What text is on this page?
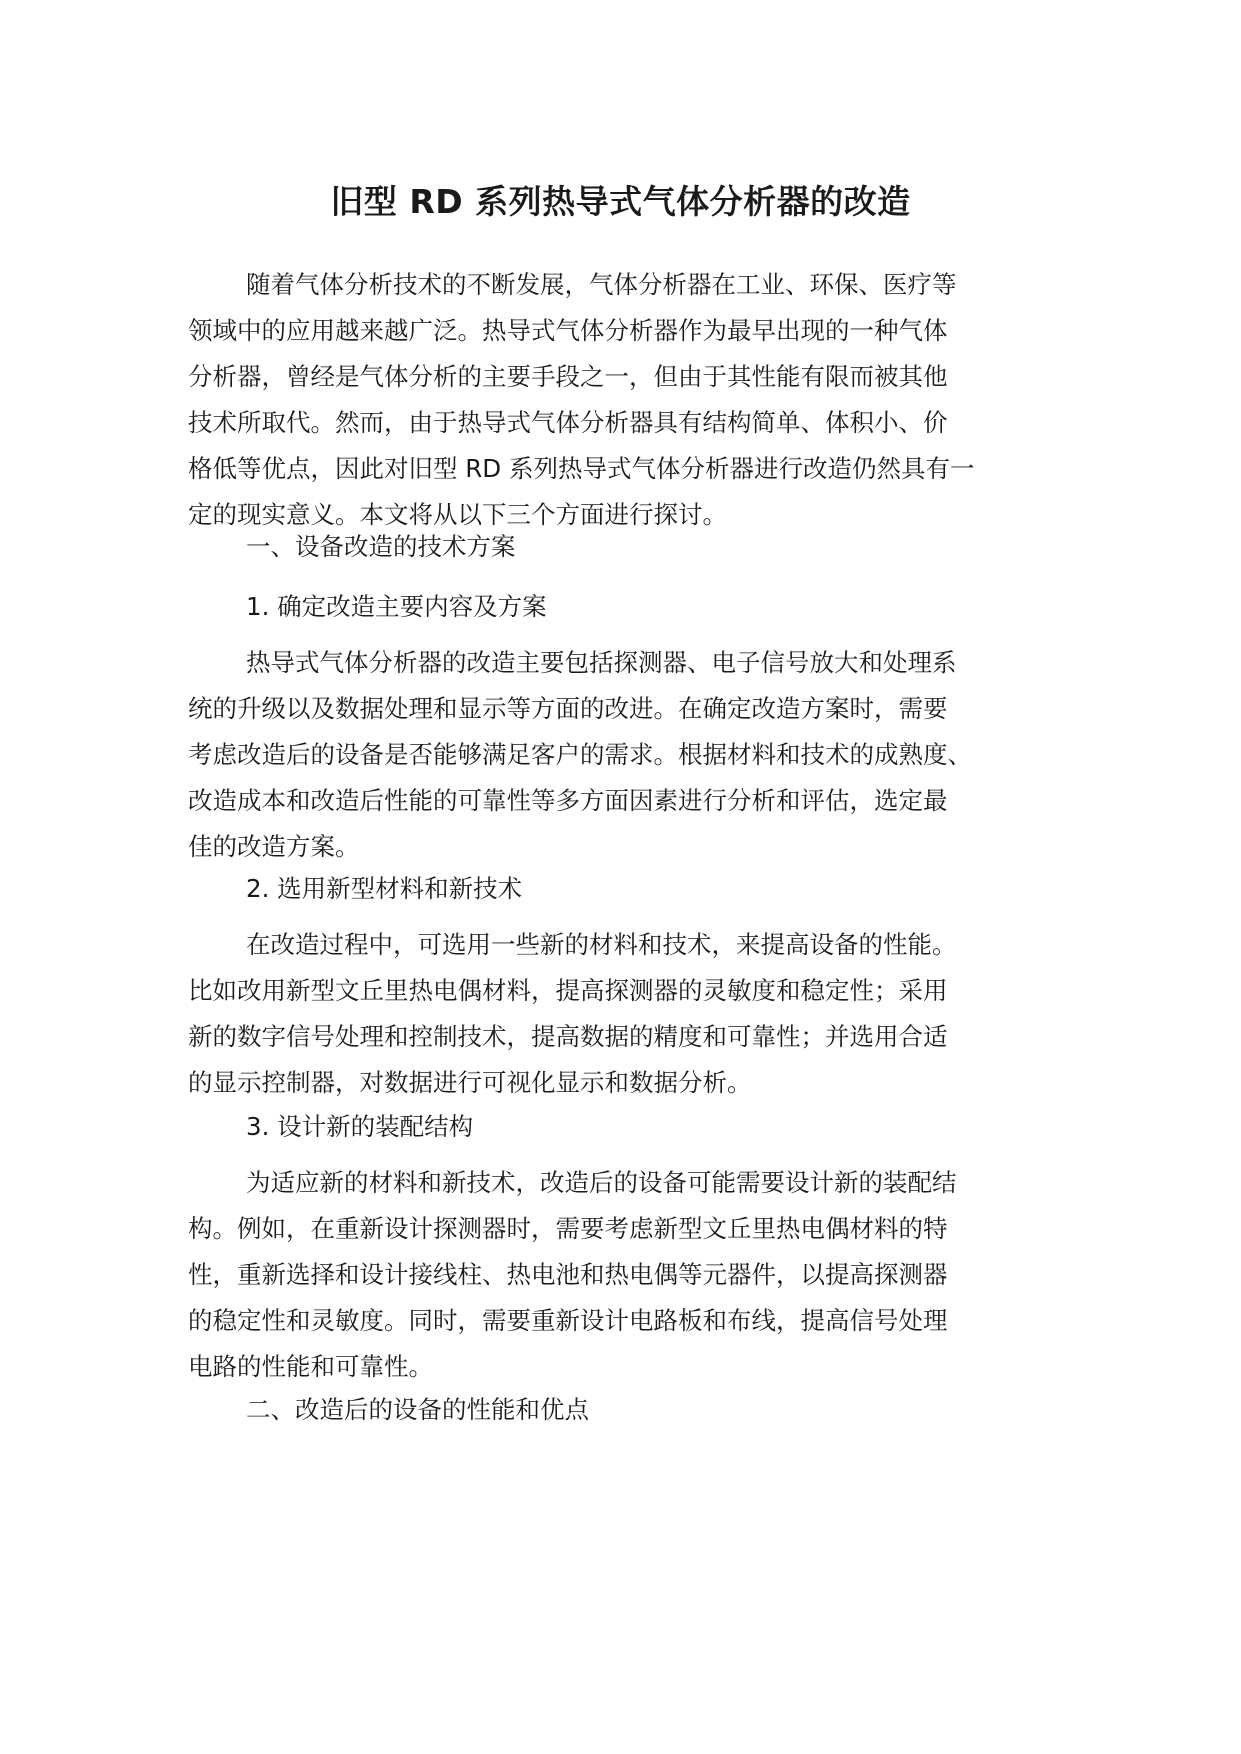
旧型 RD 系列热导式气体分析器的改造

随着气体分析技术的不断发展，气体分析器在工业、环保、医疗等
领域中的应用越来越广泛。热导式气体分析器作为最早出现的一种气体
分析器，曾经是气体分析的主要手段之一，但由于其性能有限而被其他
技术所取代。然而，由于热导式气体分析器具有结构简单、体积小、价
格低等优点，因此对旧型 RD 系列热导式气体分析器进行改造仍然具有一
定的现实意义。本文将从以下三个方面进行探讨。

一、设备改造的技术方案

1. 确定改造主要内容及方案

热导式气体分析器的改造主要包括探测器、电子信号放大和处理系
统的升级以及数据处理和显示等方面的改进。在确定改造方案时，需要
考虑改造后的设备是否能够满足客户的需求。根据材料和技术的成熟度、
改造成本和改造后性能的可靠性等多方面因素进行分析和评估，选定最
佳的改造方案。

2. 选用新型材料和新技术

在改造过程中，可选用一些新的材料和技术，来提高设备的性能。
比如改用新型文丘里热电偶材料，提高探测器的灵敏度和稳定性；采用
新的数字信号处理和控制技术，提高数据的精度和可靠性；并选用合适
的显示控制器，对数据进行可视化显示和数据分析。

3. 设计新的装配结构

为适应新的材料和新技术，改造后的设备可能需要设计新的装配结
构。例如，在重新设计探测器时，需要考虑新型文丘里热电偶材料的特
性，重新选择和设计接线柱、热电池和热电偶等元器件，以提高探测器
的稳定性和灵敏度。同时，需要重新设计电路板和布线，提高信号处理
电路的性能和可靠性。

二、改造后的设备的性能和优点
